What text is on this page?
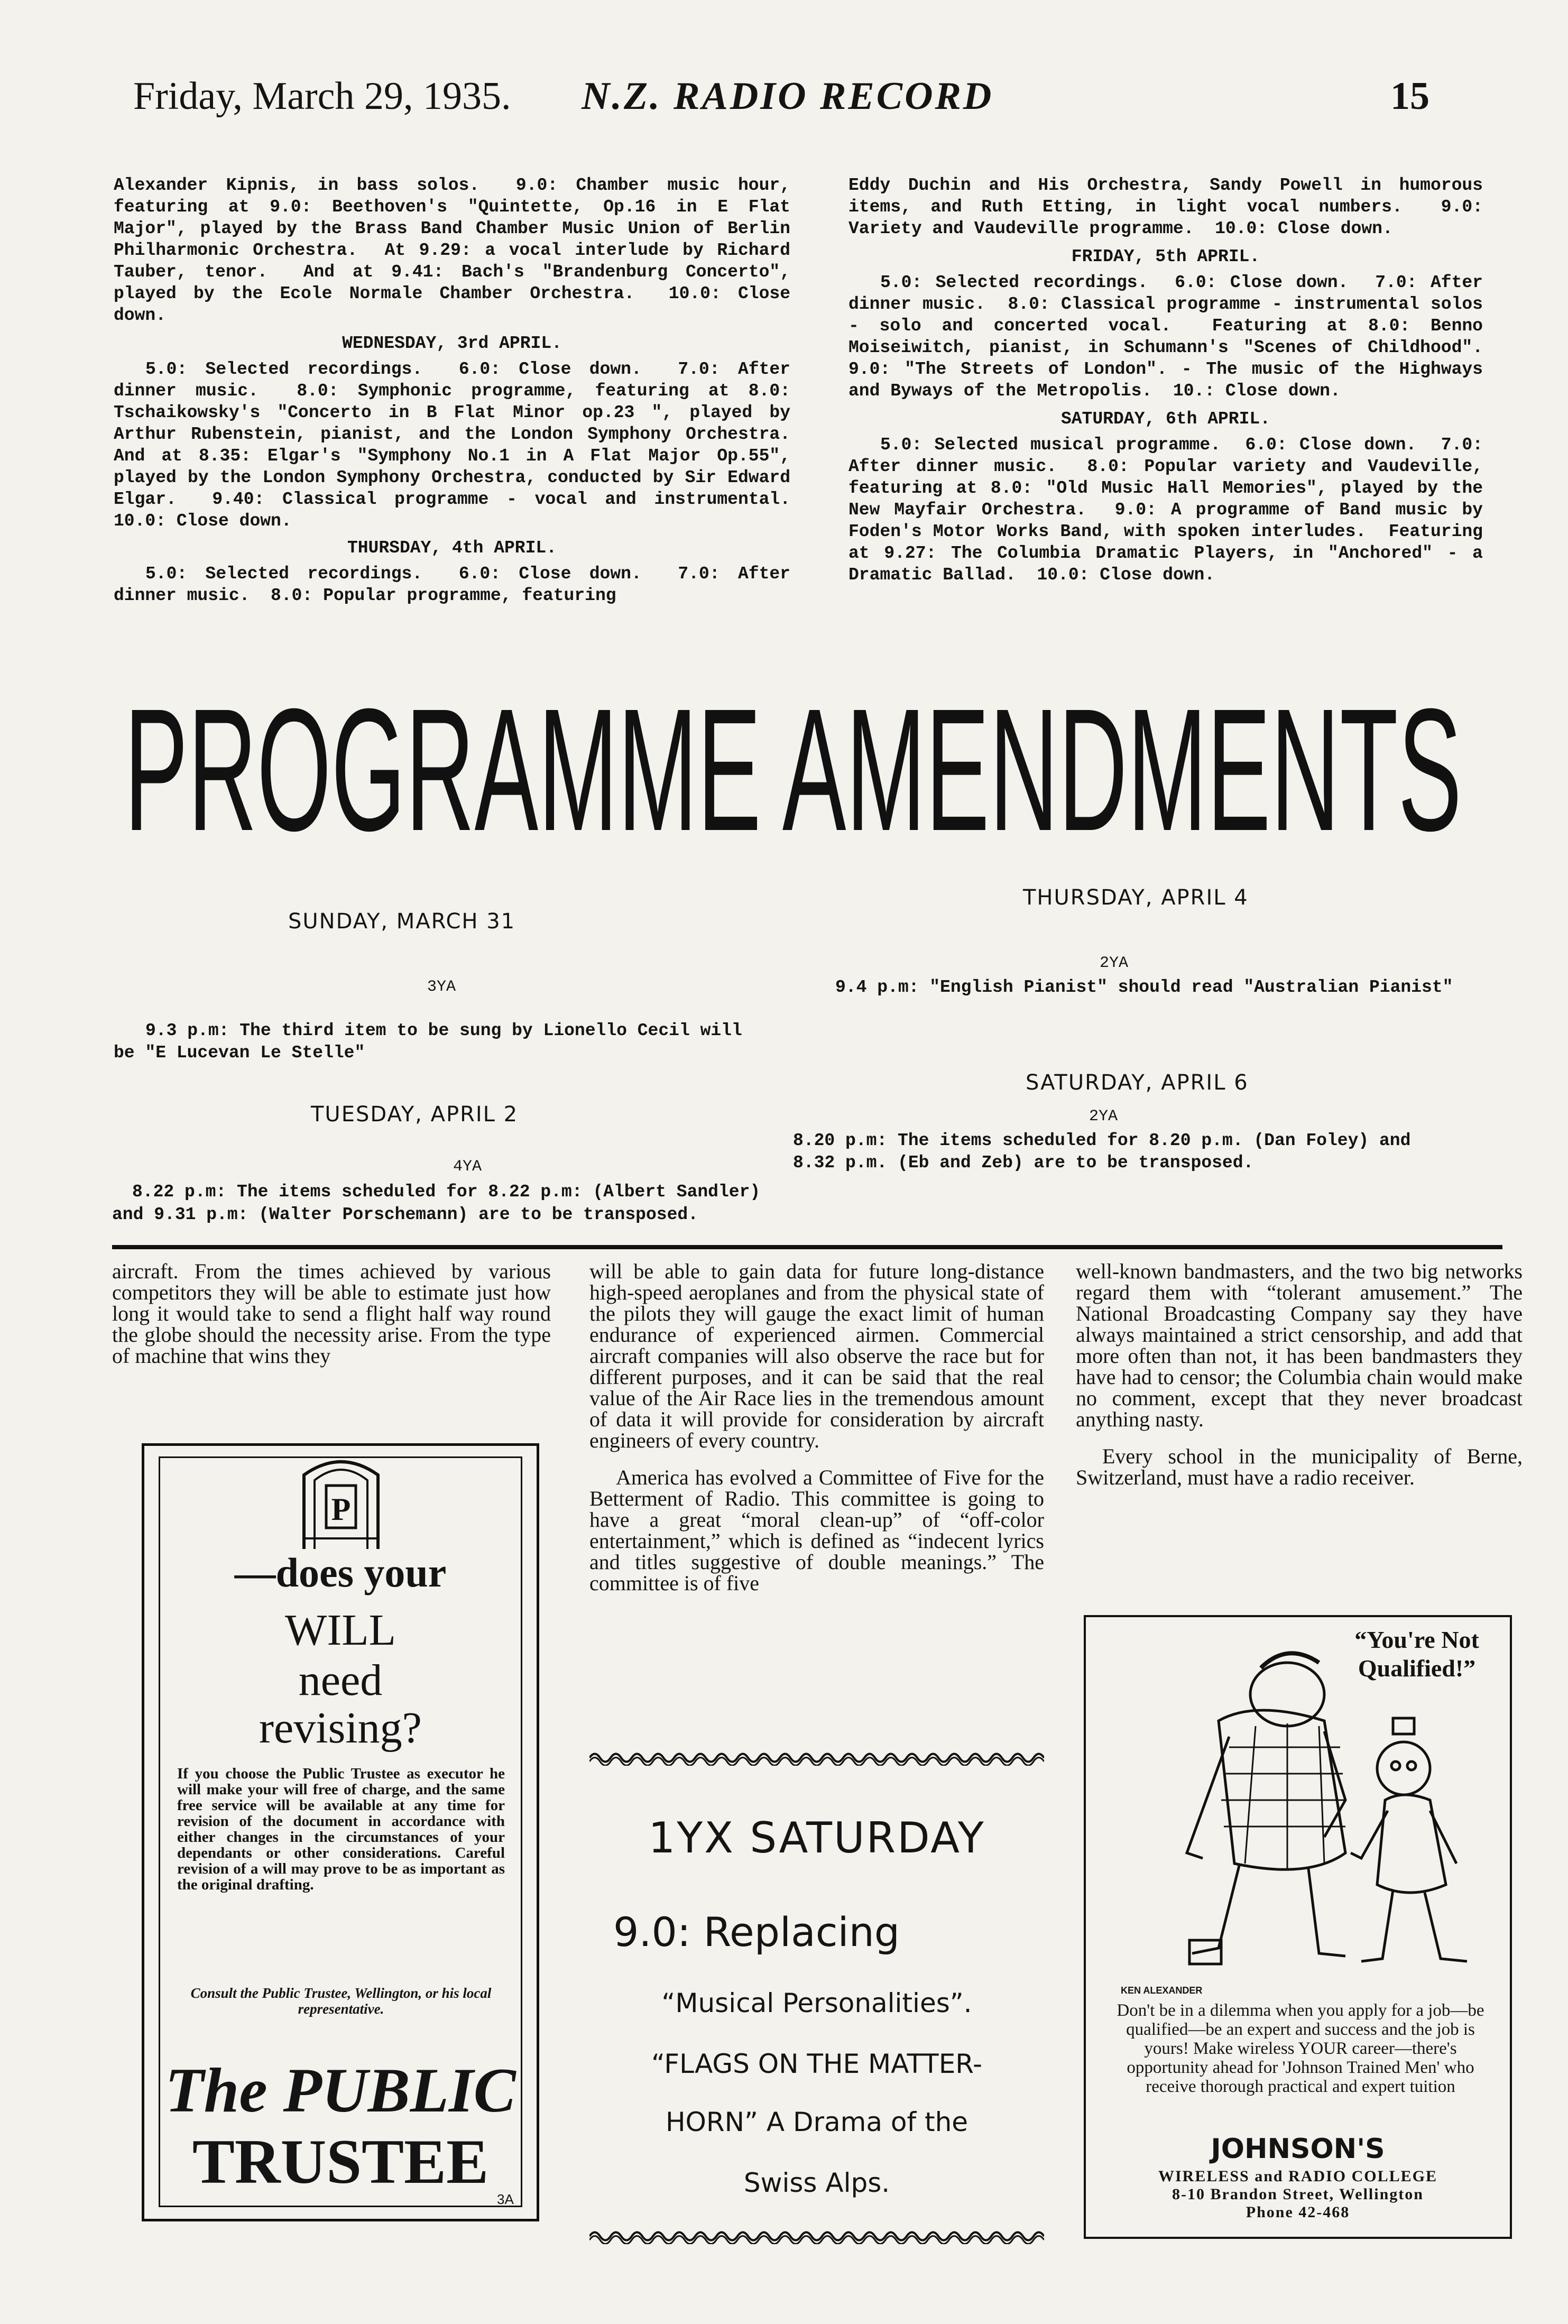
Friday, March 29, 1935. N.Z. RADIO RECORD	15

Alexander Kipnis, in bass solos.  9.0: Chamber music hour, featuring at 9.0: Beethoven's "Quintette, Op.16 in E Flat Major", played by the Brass Band Chamber Music Union of Berlin Philharmonic Orchestra.  At 9.29: a vocal interlude by Richard Tauber, tenor.  And at 9.41: Bach's "Brandenburg Concerto", played by the Ecole Normale Chamber Orchestra.  10.0: Close down.

WEDNESDAY, 3rd APRIL.

5.0: Selected recordings.  6.0: Close down.  7.0: After dinner music.  8.0: Symphonic programme, featuring at 8.0: Tschaikowsky's "Concerto in B Flat Minor op.23 ", played by Arthur Rubenstein, pianist, and the London Symphony Orchestra.  And at 8.35: Elgar's "Symphony No.1 in A Flat Major Op.55", played by the London Symphony Orchestra, conducted by Sir Edward Elgar.  9.40: Classical programme - vocal and instrumental.  10.0: Close down.

THURSDAY, 4th APRIL.

5.0: Selected recordings.  6.0: Close down.  7.0: After dinner music.  8.0: Popular programme, featuring

Eddy Duchin and His Orchestra, Sandy Powell in humorous items, and Ruth Etting, in light vocal numbers.  9.0: Variety and Vaudeville programme.  10.0: Close down.

FRIDAY, 5th APRIL.

5.0: Selected recordings.  6.0: Close down.  7.0: After dinner music.  8.0: Classical programme - instrumental solos - solo and concerted vocal.  Featuring at 8.0: Benno Moiseiwitch, pianist, in Schumann's "Scenes of Childhood".  9.0: "The Streets of London". - The music of the Highways and Byways of the Metropolis.  10.: Close down.

SATURDAY, 6th APRIL.

5.0: Selected musical programme.  6.0: Close down.  7.0: After dinner music.  8.0: Popular variety and Vaudeville, featuring at 8.0: "Old Music Hall Memories", played by the New Mayfair Orchestra.  9.0: A programme of Band music by Foden's Motor Works Band, with spoken interludes.  Featuring at 9.27: The Columbia Dramatic Players, in "Anchored" - a Dramatic Ballad.  10.0: Close down.

PROGRAMME AMENDMENTS
SUNDAY, MARCH 31
3YA
9.3 p.m: The third item to be sung by Lionello Cecil will
be "E Lucevan Le Stelle"
TUESDAY, APRIL 2
4YA
8.22 p.m: The items scheduled for 8.22 p.m: (Albert Sandler)
and 9.31 p.m: (Walter Porschemann) are to be transposed.
THURSDAY, APRIL 4
2YA
9.4 p.m: "English Pianist" should read "Australian Pianist"
SATURDAY, APRIL 6
2YA
8.20 p.m: The items scheduled for 8.20 p.m. (Dan Foley) and
8.32 p.m. (Eb and Zeb) are to be transposed.

aircraft. From the times achieved by various competitors they will be able to estimate just how long it would take to send a flight half way round the globe should the necessity arise. From the type of machine that wins they

will be able to gain data for future long-distance high-speed aeroplanes and from the physical state of the pilots they will gauge the exact limit of human endurance of experienced airmen. Commercial aircraft companies will also observe the race but for different purposes, and it can be said that the real value of the Air Race lies in the tremendous amount of data it will provide for consideration by aircraft engineers of every country.

America has evolved a Committee of Five for the Betterment of Radio. This committee is going to have a great “moral clean-up” of “off-color entertainment,” which is defined as “indecent lyrics and titles suggestive of double meanings.” The committee is of five

well-known bandmasters, and the two big networks regard them with “tolerant amusement.” The National Broadcasting Company say they have always maintained a strict censorship, and add that more often than not, it has been bandmasters they have had to censor; the Columbia chain would make no comment, except that they never broadcast anything nasty.

Every school in the municipality of Berne, Switzerland, must have a radio receiver.

P
—does your
WILL
need
revising?
If you choose the Public Trustee as executor he will make your will free of charge, and the same free service will be available at any time for revision of the document in accordance with either changes in the circumstances of your dependants or other considerations. Careful revision of a will may prove to be as important as the original drafting.
Consult the Public Trustee, Wellington, or his local representative.
The PUBLIC
TRUSTEE
3A
1YX SATURDAY
9.0: Replacing
“Musical Personalities”.
“FLAGS ON THE MATTER-
HORN” A Drama of the
Swiss Alps.
“You're Not Qualified!”
KEN ALEXANDER
Don't be in a dilemma when you apply for a job—be qualified—be an expert and success and the job is yours! Make wireless YOUR career—there's opportunity ahead for 'Johnson Trained Men' who receive thorough practical and expert tuition
JOHNSON'S
WIRELESS and RADIO COLLEGE
8-10 Brandon Street, Wellington
Phone 42-468
